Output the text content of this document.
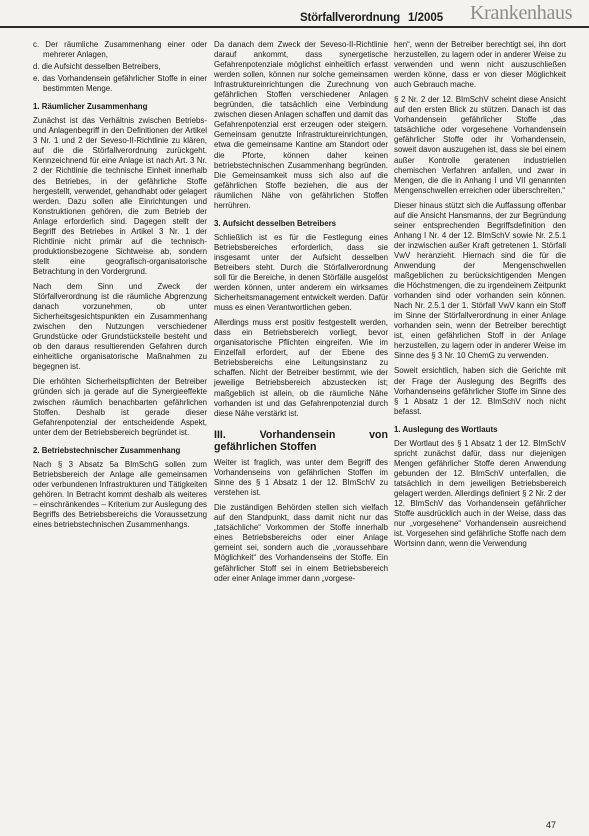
Störfallverordnung 1/2005 Krankenhaus

c. Der räumliche Zusammenhang einer oder mehrerer Anlagen,

d. die Aufsicht desselben Betreibers,

e. das Vorhandensein gefährlicher Stoffe in einer bestimmten Menge.

1. Räumlicher Zusammenhang

Zunächst ist das Verhältnis zwischen Betriebs- und Anlagenbegriff in den Definitionen der Artikel 3 Nr. 1 und 2 der Seveso-II-Richtlinie zu klären, auf die die Störfallverordnung zurückgeht. Kennzeichnend für eine Anlage ist nach Art. 3 Nr. 2 der Richtlinie die technische Einheit innerhalb des Betriebes, in der gefährliche Stoffe hergestellt, verwendet, gehandhabt oder gelagert werden. Dazu sollen alle Einrichtungen und Konstruktionen gehören, die zum Betrieb der Anlage erforderlich sind. Dagegen stellt der Begriff des Betriebes in Artikel 3 Nr. 1 der Richtlinie nicht primär auf die technisch-produktionsbezogene Sichtweise ab, sondern stellt eine geografisch-organisatorische Betrachtung in den Vordergrund.

Nach dem Sinn und Zweck der Störfallverordnung ist die räumliche Abgrenzung danach vorzunehmen, ob unter Sicherheitsgesichtspunkten ein Zusammenhang zwischen den Nutzungen verschiedener Grundstücke oder Grundstücksteile besteht und ob den daraus resultierenden Gefahren durch einheitliche organisatorische Maßnahmen zu begegnen ist.

Die erhöhten Sicherheitspflichten der Betreiber gründen sich ja gerade auf die Synergieeffekte zwischen räumlich benachbarten gefährlichen Stoffen. Deshalb ist gerade dieser Gefahrenpotenzial der entscheidende Aspekt, unter dem der Betriebsbereich begründet ist.

2. Betriebstechnischer Zusammenhang

Nach § 3 Absatz 5a BImSchG sollen zum Betriebsbereich der Anlage alle gemeinsamen oder verbundenen Infrastrukturen und Tätigkeiten gehören. In Betracht kommt deshalb als weiteres – einschränkendes – Kriterium zur Auslegung des Begriffs des Betriebsbereichs die Voraussetzung eines betriebstechnischen Zusammenhangs.

Da danach dem Zweck der Seveso-II-Richtlinie darauf ankommt, dass synergetische Gefahrenpotenziale möglichst einheitlich erfasst werden sollen, können nur solche gemeinsamen Infrastruktureinrichtungen die Zurechnung von gefährlichen Stoffen verschiedener Anlagen begründen, die tatsächlich eine Verbindung zwischen diesen Anlagen schaffen und damit das Gefahrenpotenzial erst erzeugen oder steigern. Gemeinsam genutzte Infrastruktureinrichtungen, etwa die gemeinsame Kantine am Standort oder die Pforte, können daher keinen betriebstechnischen Zusammenhang begründen. Die Gemeinsamkeit muss sich also auf die gefährlichen Stoffe beziehen, die aus der räumlichen Nähe von gefährlichen Stoffen herrühren.

3. Aufsicht desselben Betreibers

Schließlich ist es für die Festlegung eines Betriebsbereiches erforderlich, dass sie insgesamt unter der Aufsicht desselben Betreibers steht. Durch die Störfallverordnung soll für die Bereiche, in denen Störfälle ausgelöst werden können, unter anderem ein wirksames Sicherheitsmanagement entwickelt werden. Dafür muss es einen Verantwortlichen geben.

Allerdings muss erst positiv festgestellt werden, dass ein Betriebsbereich vorliegt, bevor organisatorische Pflichten eingreifen. Wie im Einzelfall erfordert, auf der Ebene des Betriebsbereichs eine Leitungsinstanz zu schaffen. Nicht der Betreiber bestimmt, wie der jeweilige Betriebsbereich abzustecken ist; maßgeblich ist allein, ob die räumliche Nähe vorhanden ist und das Gefahrenpotenzial durch diese Nähe verstärkt ist.

III. Vorhandensein von gefährlichen Stoffen

Weiter ist fraglich, was unter dem Begriff des Vorhandenseins von gefährlichen Stoffen im Sinne des § 1 Absatz 1 der 12. BImSchV zu verstehen ist.

Die zuständigen Behörden stellen sich vielfach auf den Standpunkt, dass damit nicht nur das „tatsächliche“ Vorkommen der Stoffe innerhalb eines Betriebsbereichs oder einer Anlage gemeint sei, sondern auch die „voraussehbare Möglichkeit“ des Vorhandenseins der Stoffe. Ein gefährlicher Stoff sei in einem Betriebsbereich oder einer Anlage immer dann „vorgese-

hen“, wenn der Betreiber berechtigt sei, ihn dort herzustellen, zu lagern oder in anderer Weise zu verwenden und wenn nicht auszuschließen werden könne, dass er von dieser Möglichkeit auch Gebrauch mache.

§ 2 Nr. 2 der 12. BImSchV scheint diese Ansicht auf den ersten Blick zu stützen. Danach ist das Vorhandensein gefährlicher Stoffe „das tatsächliche oder vorgesehene Vorhandensein gefährlicher Stoffe oder ihr Vorhandensein, soweit davon auszugehen ist, dass sie bei einem außer Kontrolle geratenen industriellen chemischen Verfahren anfallen, und zwar in Mengen, die die in Anhang I und VII genannten Mengenschwellen erreichen oder überschreiten.“

Dieser hinaus stützt sich die Auffassung offenbar auf die Ansicht Hansmanns, der zur Begründung seiner entsprechenden Begriffsdefinition den Anhang I Nr. 4 der 12. BImSchV sowie Nr. 2.5.1 der inzwischen außer Kraft getretenen 1. Störfall VwV heranzieht. Hiernach sind die für die Anwendung der Mengenschwellen maßgeblichen zu berücksichtigenden Mengen die Höchstmengen, die zu irgendeinem Zeitpunkt vorhanden sind oder vorhanden sein können. Nach Nr. 2.5.1 der 1. Störfall VwV kann ein Stoff im Sinne der Störfallverordnung in einer Anlage vorhanden sein, wenn der Betreiber berechtigt ist, einen gefährlichen Stoff in der Anlage herzustellen, zu lagern oder in anderer Weise im Sinne des § 3 Nr. 10 ChemG zu verwenden.

Soweit ersichtlich, haben sich die Gerichte mit der Frage der Auslegung des Begriffs des Vorhandenseins gefährlicher Stoffe im Sinne des § 1 Absatz 1 der 12. BImSchV noch nicht befasst.

1. Auslegung des Wortlauts

Der Wortlaut des § 1 Absatz 1 der 12. BImSchV spricht zunächst dafür, dass nur diejenigen Mengen gefährlicher Stoffe deren Anwendung gebunden der 12. BImSchV unterfallen, die tatsächlich in dem jeweiligen Betriebsbereich gelagert werden. Allerdings definiert § 2 Nr. 2 der 12. BImSchV das Vorhandensein gefährlicher Stoffe ausdrücklich auch in der Weise, dass das nur „vorgesehene“ Vorhandensein ausreichend ist. Vorgesehen sind gefährliche Stoffe nach dem Wortsinn dann, wenn die Verwendung

47
